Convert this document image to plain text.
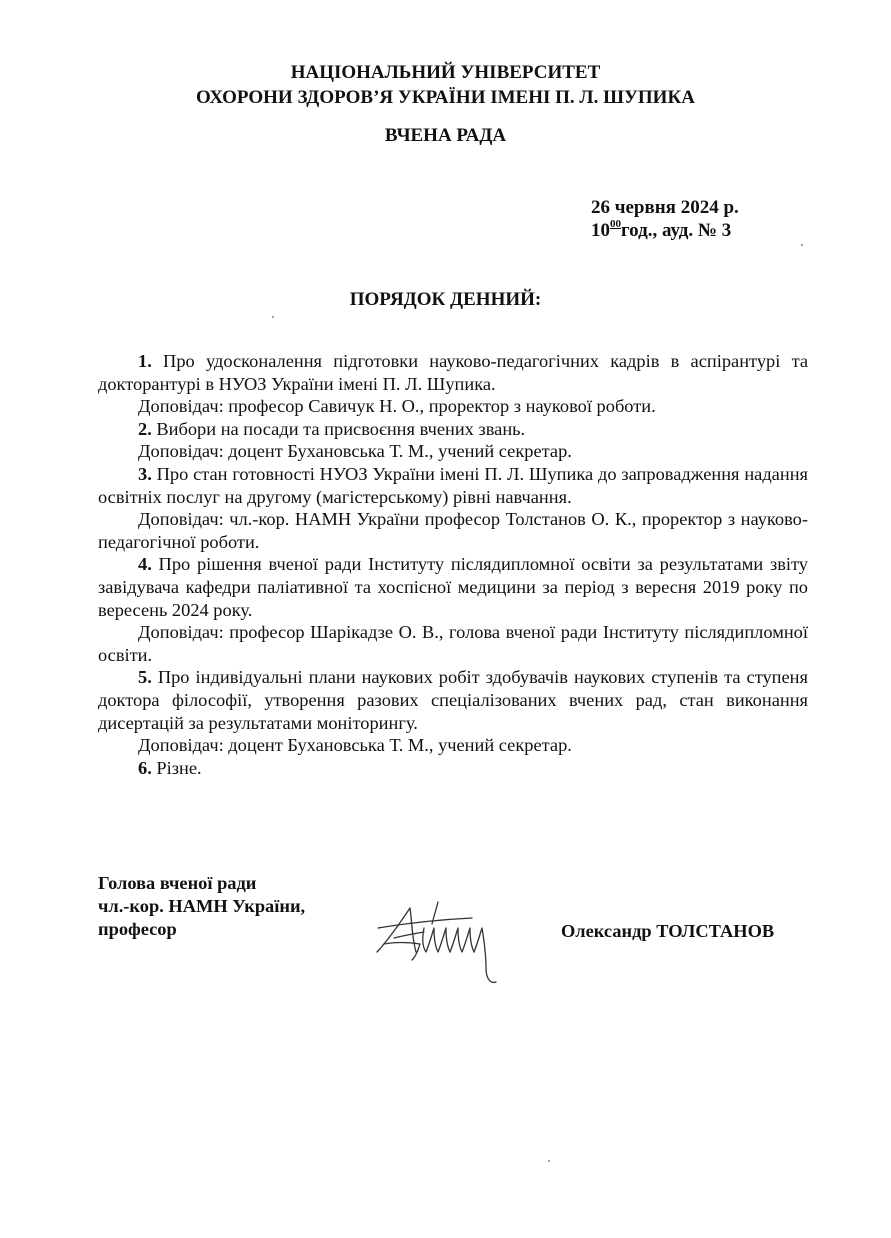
НАЦІОНАЛЬНИЙ УНІВЕРСИТЕТ
ОХОРОНИ ЗДОРОВ’Я УКРАЇНИ ІМЕНІ П. Л. ШУПИКА
ВЧЕНА РАДА
26 червня 2024 р.
$10^{00}год$., ауд. № 3
ПОРЯДОК ДЕННИЙ:

1. Про удосконалення підготовки науково-педагогічних кадрів в аспірантурі та докторантурі в НУОЗ України імені П. Л. Шупика.

Доповідач: професор Савичук Н. О., проректор з наукової роботи.

2. Вибори на посади та присвоєння вчених звань.

Доповідач: доцент Бухановська Т. М., учений секретар.

3. Про стан готовності НУОЗ України імені П. Л. Шупика до запровадження надання освітніх послуг на другому (магістерському) рівні навчання.

Доповідач: чл.-кор. НАМН України професор Толстанов О. К., проректор з науково-педагогічної роботи.

4. Про рішення вченої ради Інституту післядипломної освіти за результатами звіту завідувача кафедри паліативної та хоспісної медицини за період з вересня 2019 року по вересень 2024 року.

Доповідач: професор Шарікадзе О. В., голова вченої ради Інституту післядипломної освіти.

5. Про індивідуальні плани наукових робіт здобувачів наукових ступенів та ступеня доктора філософії, утворення разових спеціалізованих вчених рад, стан виконання дисертацій за результатами моніторингу.

Доповідач: доцент Бухановська Т. М., учений секретар.

6. Різне.

Голова вченої ради
чл.-кор. НАМН України,
професор	Олександр ТОЛСТАНОВ
